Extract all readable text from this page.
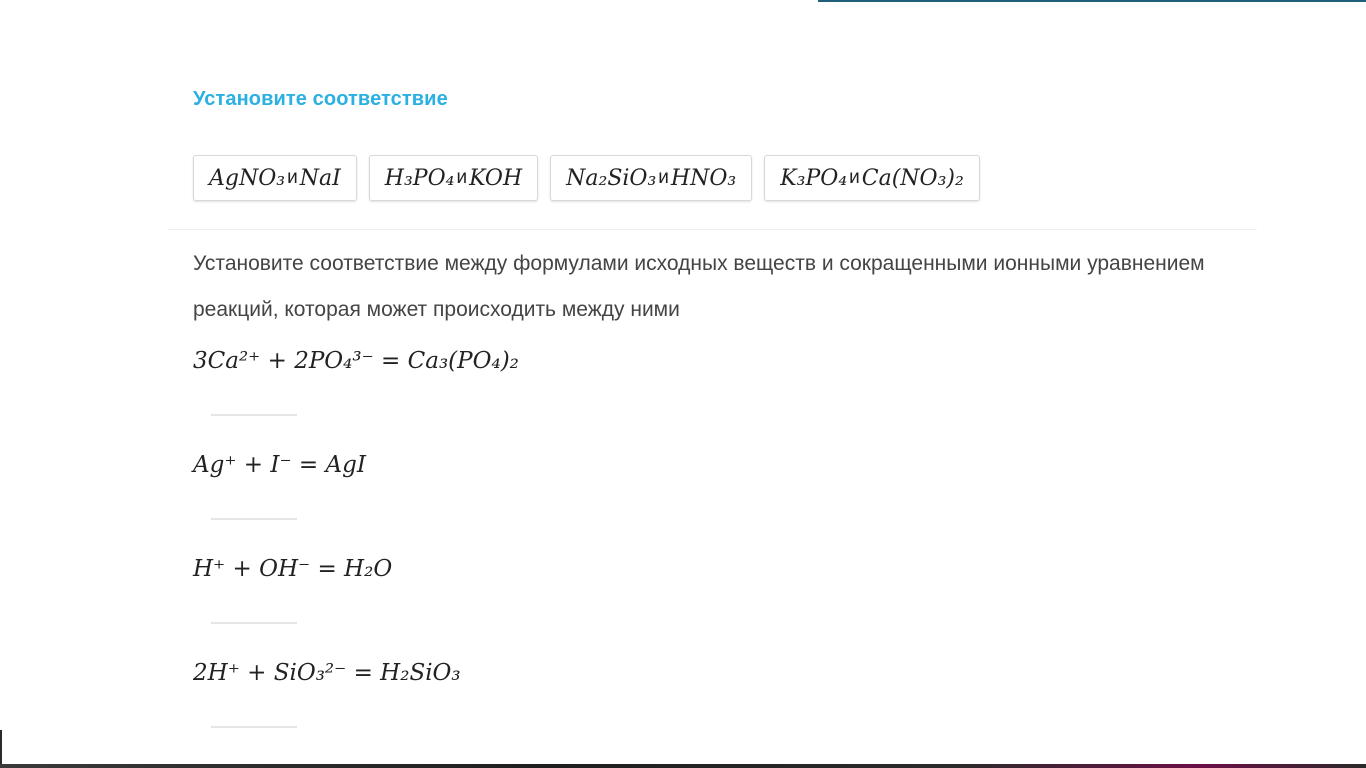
Установите соответствие
AgNO₃ и NaI H₃PO₄ и KOH Na₂SiO₃ и HNO₃ K₃PO₄ и Ca(NO₃)₂
Установите соответствие между формулами исходных веществ и сокращенными ионными уравнением реакций, которая может происходить между ними
3Ca²⁺ + 2PO₄³⁻ = Ca₃(PO₄)₂
Ag⁺ + I⁻ = AgI
H⁺ + OH⁻ = H₂O
2H⁺ + SiO₃²⁻ = H₂SiO₃
